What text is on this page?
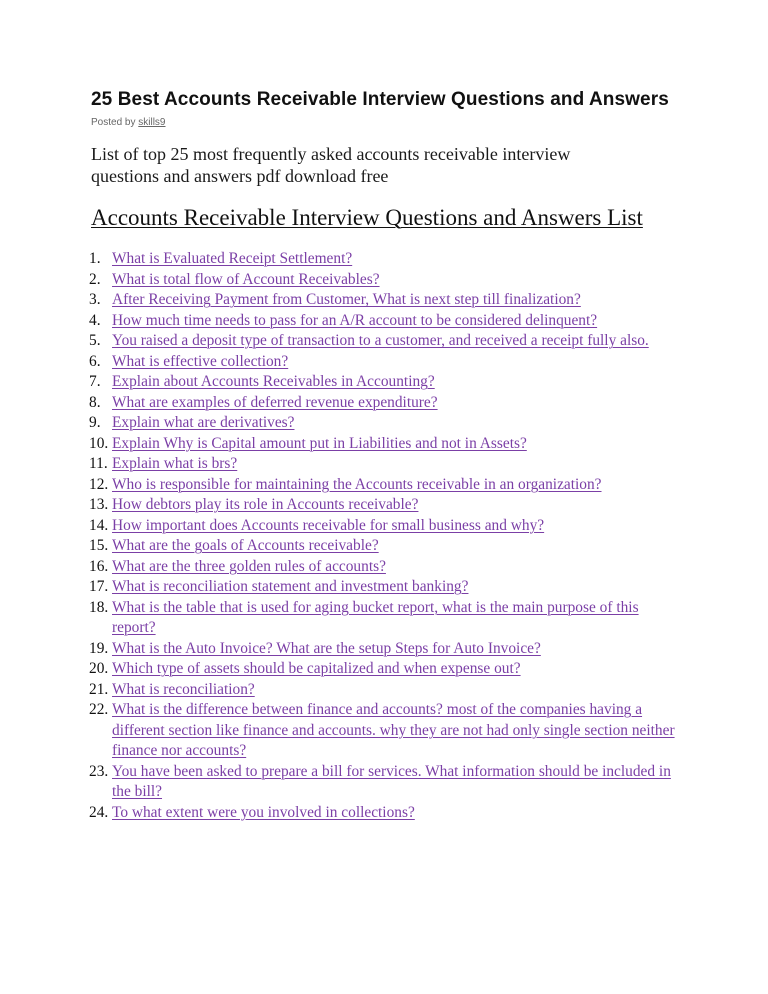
25 Best Accounts Receivable Interview Questions and Answers
Posted by skills9
List of top 25 most frequently asked accounts receivable interview questions and answers pdf download free
Accounts Receivable Interview Questions and Answers List
1. What is Evaluated Receipt Settlement?
2. What is total flow of Account Receivables?
3. After Receiving Payment from Customer, What is next step till finalization?
4. How much time needs to pass for an A/R account to be considered delinquent?
5. You raised a deposit type of transaction to a customer, and received a receipt fully also.
6. What is effective collection?
7. Explain about Accounts Receivables in Accounting?
8. What are examples of deferred revenue expenditure?
9. Explain what are derivatives?
10. Explain Why is Capital amount put in Liabilities and not in Assets?
11. Explain what is brs?
12. Who is responsible for maintaining the Accounts receivable in an organization?
13. How debtors play its role in Accounts receivable?
14. How important does Accounts receivable for small business and why?
15. What are the goals of Accounts receivable?
16. What are the three golden rules of accounts?
17. What is reconciliation statement and investment banking?
18. What is the table that is used for aging bucket report, what is the main purpose of this report?
19. What is the Auto Invoice? What are the setup Steps for Auto Invoice?
20. Which type of assets should be capitalized and when expense out?
21. What is reconciliation?
22. What is the difference between finance and accounts? most of the companies having a different section like finance and accounts. why they are not had only single section neither finance nor accounts?
23. You have been asked to prepare a bill for services. What information should be included in the bill?
24. To what extent were you involved in collections?
